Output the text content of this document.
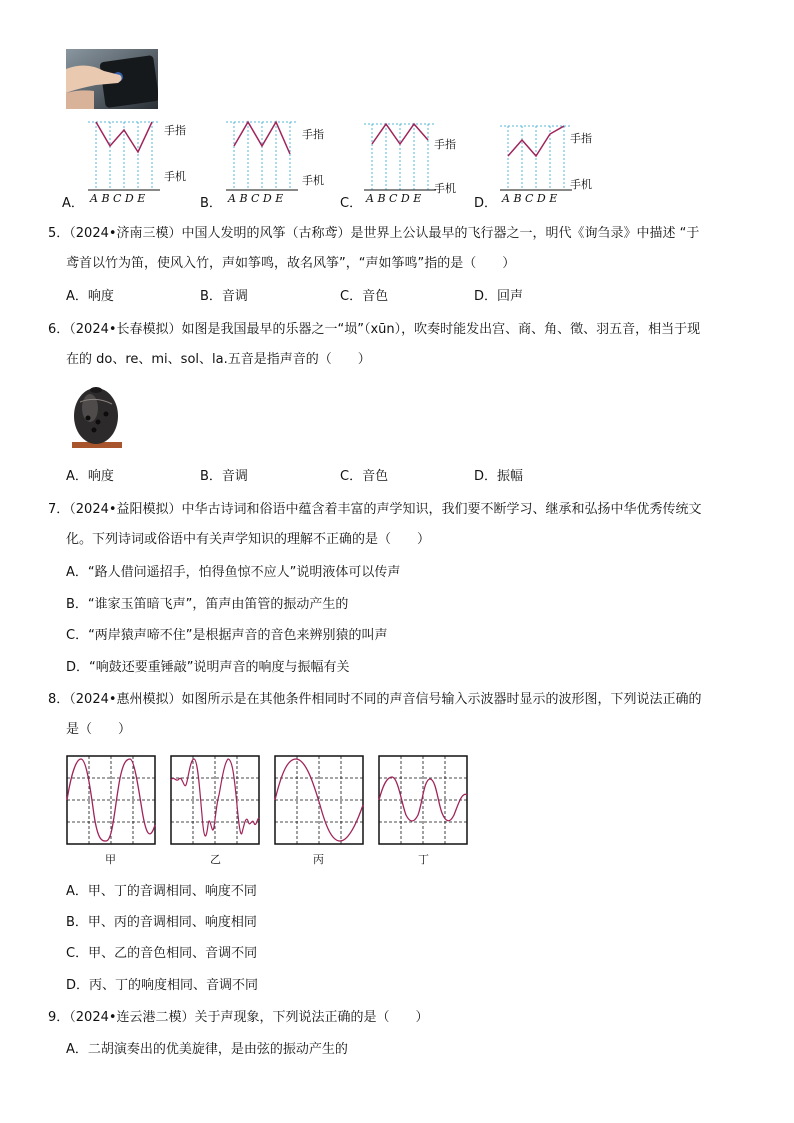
A．
手指
手机
A B C D E	B．
手指
手机
A B C D E	C．
手指
手机
A B C D E	D．
手指
手机
A B C D E
5．（2024•济南三模）中国人发明的风筝（古称鸢）是世界上公认最早的飞行器之一，明代《询刍录》中描述 “于
鸢首以竹为笛，使风入竹，声如筝鸣，故名风筝”，“声如筝鸣”指的是（　　）
A．响度	B．音调	C．音色	D．回声
6．（2024•长春模拟）如图是我国最早的乐器之一“埙”（xūn），吹奏时能发出宫、商、角、徵、羽五音，相当于现
在的 do、re、mi、sol、la.五音是指声音的（　　）
A．响度	B．音调	C．音色	D．振幅
7．（2024•益阳模拟）中华古诗词和俗语中蕴含着丰富的声学知识，我们要不断学习、继承和弘扬中华优秀传统文
化。下列诗词或俗语中有关声学知识的理解不正确的是（　　）
A．“路人借问遥招手，怕得鱼惊不应人”说明液体可以传声
B．“谁家玉笛暗飞声”，笛声由笛管的振动产生的
C．“两岸猿声啼不住”是根据声音的音色来辨别猿的叫声
D．“响鼓还要重锤敲”说明声音的响度与振幅有关
8．（2024•惠州模拟）如图所示是在其他条件相同时不同的声音信号输入示波器时显示的波形图，下列说法正确的
是（　　）
甲	乙	丙	丁
A．甲、丁的音调相同、响度不同
B．甲、丙的音调相同、响度相同
C．甲、乙的音色相同、音调不同
D．丙、丁的响度相同、音调不同
9．（2024•连云港二模）关于声现象，下列说法正确的是（　　）
A．二胡演奏出的优美旋律，是由弦的振动产生的
